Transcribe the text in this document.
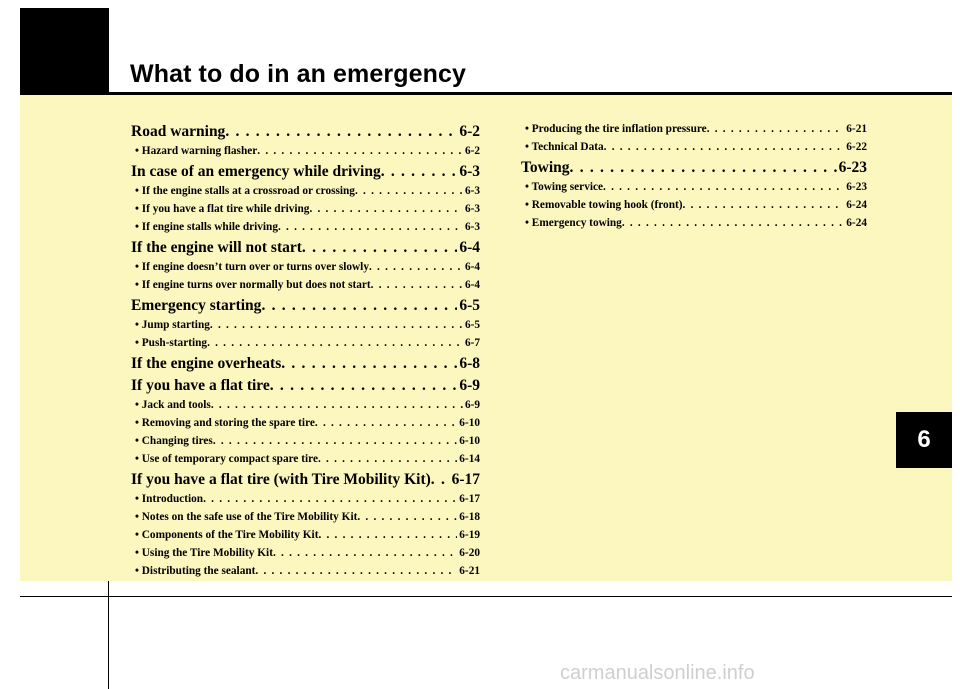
What to do in an emergency
6
Road warning . . .	6-2
• Hazard warning flasher . . .	6-2
In case of an emergency while driving . . .	6-3
• If the engine stalls at a crossroad or crossing . . .	6-3
• If you have a flat tire while driving . . .	6-3
• If engine stalls while driving . . .	6-3
If the engine will not start . . .	6-4
• If engine doesn’t turn over or turns over slowly . . .	6-4
• If engine turns over normally but does not start . . .	6-4
Emergency starting . . .	6-5
• Jump starting . . .	6-5
• Push-starting . . .	6-7
If the engine overheats . . .	6-8
If you have a flat tire . . .	6-9
• Jack and tools . . .	6-9
• Removing and storing the spare tire . . .	6-10
• Changing tires . . .	6-10
• Use of temporary compact spare tire . . .	6-14
If you have a flat tire (with Tire Mobility Kit) . . . 6-17
• Introduction . . .	6-17
• Notes on the safe use of the Tire Mobility Kit . . .	6-18
• Components of the Tire Mobility Kit . . .	6-19
• Using the Tire Mobility Kit . . .	6-20
• Distributing the sealant . . .	6-21
• Producing the tire inflation pressure . . .	6-21
• Technical Data . . .	6-22
Towing . . .	6-23
• Towing service . . .	6-23
• Removable towing hook (front) . . .	6-24
• Emergency towing . . .	6-24
carmanualsonline.info
